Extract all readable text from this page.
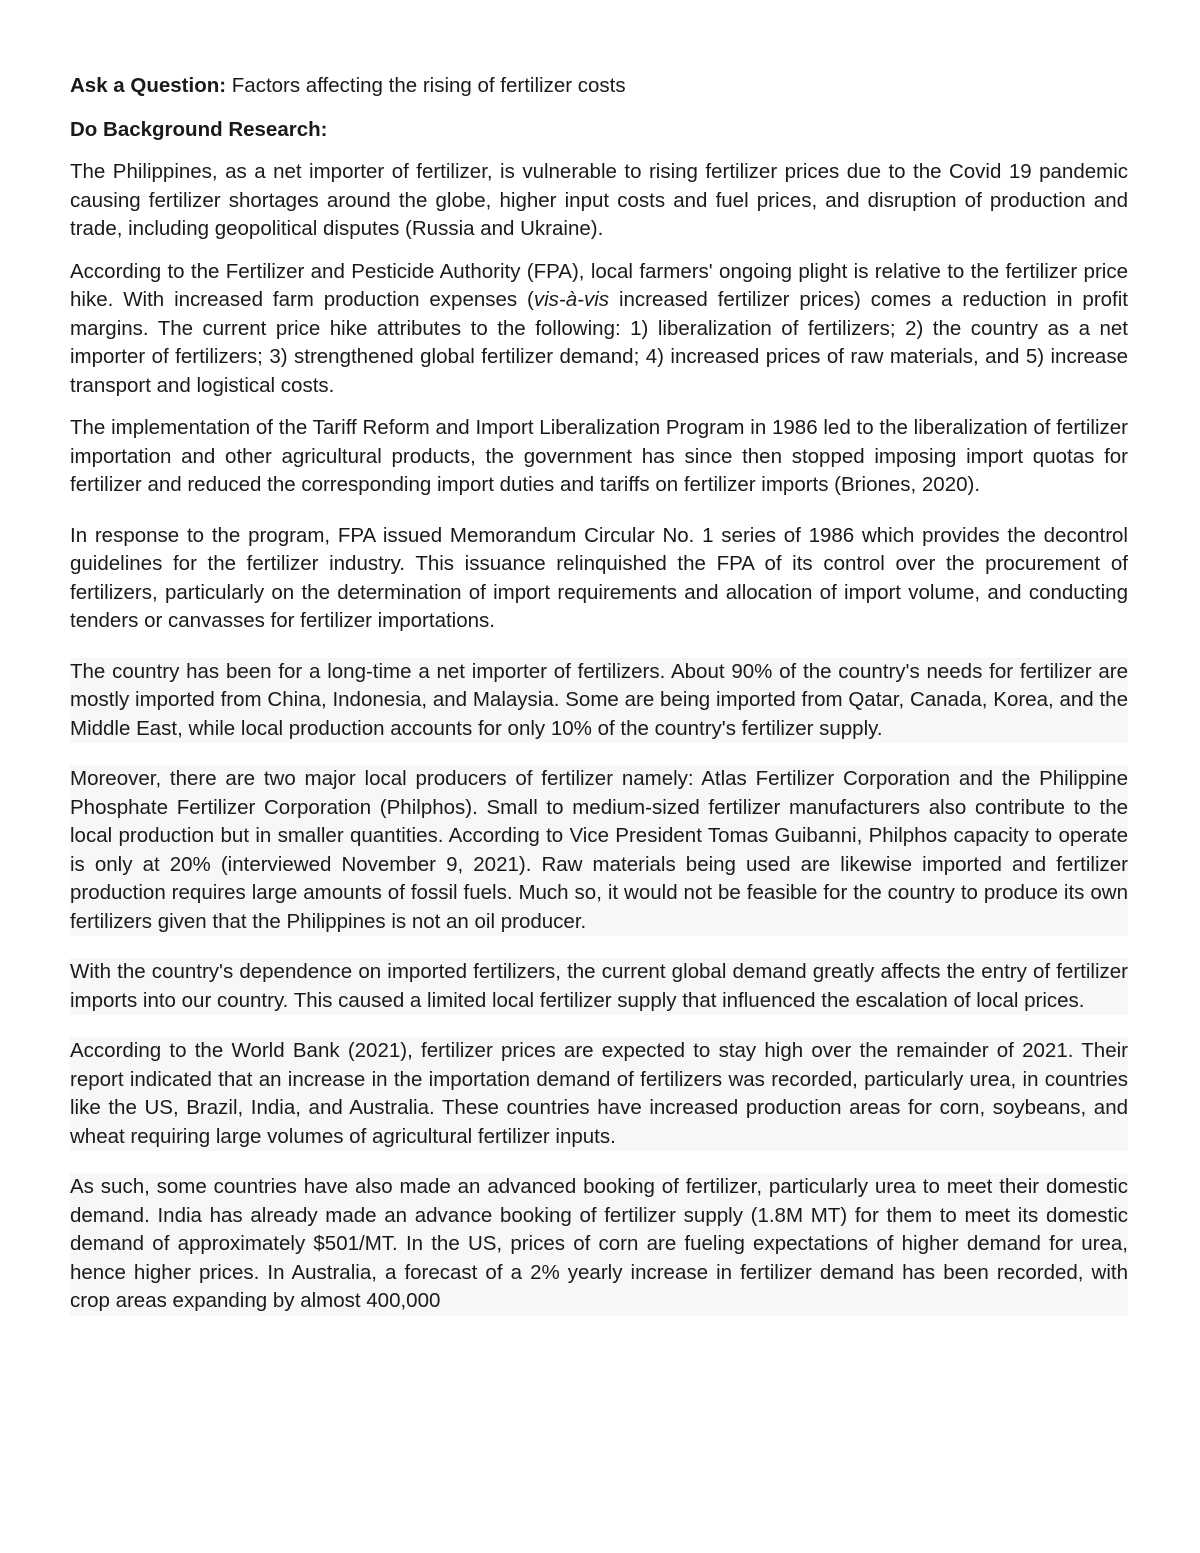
Ask a Question: Factors affecting the rising of fertilizer costs

Do Background Research:

The Philippines, as a net importer of fertilizer, is vulnerable to rising fertilizer prices due to the Covid 19 pandemic causing fertilizer shortages around the globe, higher input costs and fuel prices, and disruption of production and trade, including geopolitical disputes (Russia and Ukraine).

According to the Fertilizer and Pesticide Authority (FPA), local farmers' ongoing plight is relative to the fertilizer price hike. With increased farm production expenses (vis-à-vis increased fertilizer prices) comes a reduction in profit margins. The current price hike attributes to the following: 1) liberalization of fertilizers; 2) the country as a net importer of fertilizers; 3) strengthened global fertilizer demand; 4) increased prices of raw materials, and 5) increase transport and logistical costs.

The implementation of the Tariff Reform and Import Liberalization Program in 1986 led to the liberalization of fertilizer importation and other agricultural products, the government has since then stopped imposing import quotas for fertilizer and reduced the corresponding import duties and tariffs on fertilizer imports (Briones, 2020).

In response to the program, FPA issued Memorandum Circular No. 1 series of 1986 which provides the decontrol guidelines for the fertilizer industry. This issuance relinquished the FPA of its control over the procurement of fertilizers, particularly on the determination of import requirements and allocation of import volume, and conducting tenders or canvasses for fertilizer importations.

The country has been for a long-time a net importer of fertilizers. About 90% of the country's needs for fertilizer are mostly imported from China, Indonesia, and Malaysia. Some are being imported from Qatar, Canada, Korea, and the Middle East, while local production accounts for only 10% of the country's fertilizer supply.

Moreover, there are two major local producers of fertilizer namely: Atlas Fertilizer Corporation and the Philippine Phosphate Fertilizer Corporation (Philphos). Small to medium-sized fertilizer manufacturers also contribute to the local production but in smaller quantities. According to Vice President Tomas Guibanni, Philphos capacity to operate is only at 20% (interviewed November 9, 2021). Raw materials being used are likewise imported and fertilizer production requires large amounts of fossil fuels. Much so, it would not be feasible for the country to produce its own fertilizers given that the Philippines is not an oil producer.

With the country's dependence on imported fertilizers, the current global demand greatly affects the entry of fertilizer imports into our country. This caused a limited local fertilizer supply that influenced the escalation of local prices.

According to the World Bank (2021), fertilizer prices are expected to stay high over the remainder of 2021. Their report indicated that an increase in the importation demand of fertilizers was recorded, particularly urea, in countries like the US, Brazil, India, and Australia. These countries have increased production areas for corn, soybeans, and wheat requiring large volumes of agricultural fertilizer inputs.

As such, some countries have also made an advanced booking of fertilizer, particularly urea to meet their domestic demand. India has already made an advance booking of fertilizer supply (1.8M MT) for them to meet its domestic demand of approximately $501/MT. In the US, prices of corn are fueling expectations of higher demand for urea, hence higher prices. In Australia, a forecast of a 2% yearly increase in fertilizer demand has been recorded, with crop areas expanding by almost 400,000
